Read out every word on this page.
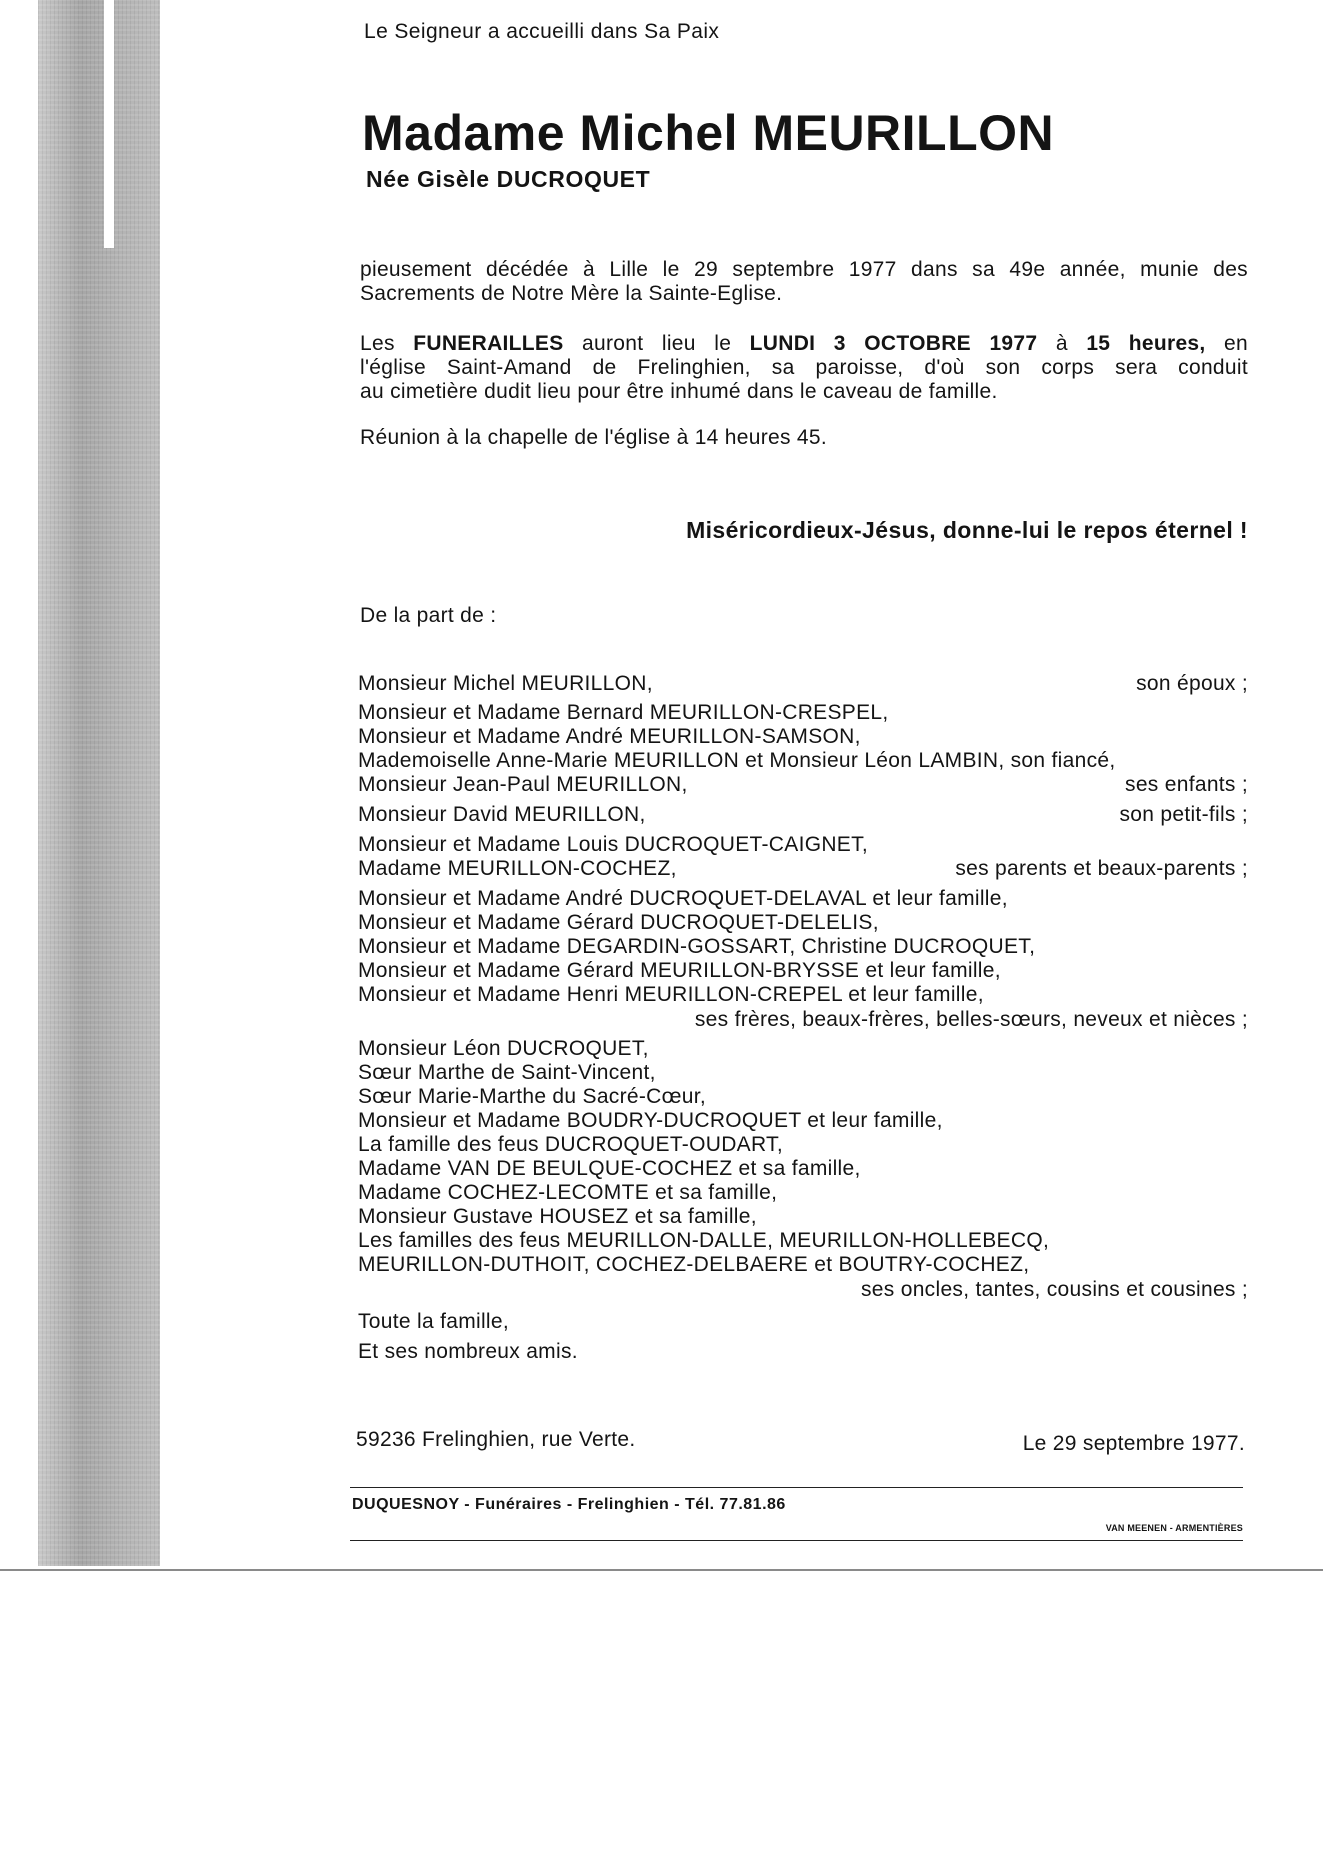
Le Seigneur a accueilli dans Sa Paix
Madame Michel MEURILLON
Née Gisèle DUCROQUET
pieusement décédée à Lille le 29 septembre 1977 dans sa 49e année, munie des
Sacrements de Notre Mère la Sainte-Eglise.
Les FUNERAILLES auront lieu le LUNDI 3 OCTOBRE 1977 à 15 heures, en
l'église Saint-Amand de Frelinghien, sa paroisse, d'où son corps sera conduit
au cimetière dudit lieu pour être inhumé dans le caveau de famille.
Réunion à la chapelle de l'église à 14 heures 45.
Miséricordieux-Jésus, donne-lui le repos éternel !
De la part de :
Monsieur Michel MEURILLON,	son époux ;
Monsieur et Madame Bernard MEURILLON-CRESPEL,
Monsieur et Madame André MEURILLON-SAMSON,
Mademoiselle Anne-Marie MEURILLON et Monsieur Léon LAMBIN, son fiancé,
Monsieur Jean-Paul MEURILLON,	ses enfants ;
Monsieur David MEURILLON,	son petit-fils ;
Monsieur et Madame Louis DUCROQUET-CAIGNET,
Madame MEURILLON-COCHEZ,	ses parents et beaux-parents ;
Monsieur et Madame André DUCROQUET-DELAVAL et leur famille,
Monsieur et Madame Gérard DUCROQUET-DELELIS,
Monsieur et Madame DEGARDIN-GOSSART, Christine DUCROQUET,
Monsieur et Madame Gérard MEURILLON-BRYSSE et leur famille,
Monsieur et Madame Henri MEURILLON-CREPEL et leur famille,
ses frères, beaux-frères, belles-sœurs, neveux et nièces ;
Monsieur Léon DUCROQUET,
Sœur Marthe de Saint-Vincent,
Sœur Marie-Marthe du Sacré-Cœur,
Monsieur et Madame BOUDRY-DUCROQUET et leur famille,
La famille des feus DUCROQUET-OUDART,
Madame VAN DE BEULQUE-COCHEZ et sa famille,
Madame COCHEZ-LECOMTE et sa famille,
Monsieur Gustave HOUSEZ et sa famille,
Les familles des feus MEURILLON-DALLE, MEURILLON-HOLLEBECQ,
MEURILLON-DUTHOIT, COCHEZ-DELBAERE et BOUTRY-COCHEZ,
ses oncles, tantes, cousins et cousines ;
Toute la famille,
Et ses nombreux amis.
59236 Frelinghien, rue Verte.	Le 29 septembre 1977.
DUQUESNOY - Funéraires - Frelinghien - Tél. 77.81.86
VAN MEENEN - ARMENTIÈRES
